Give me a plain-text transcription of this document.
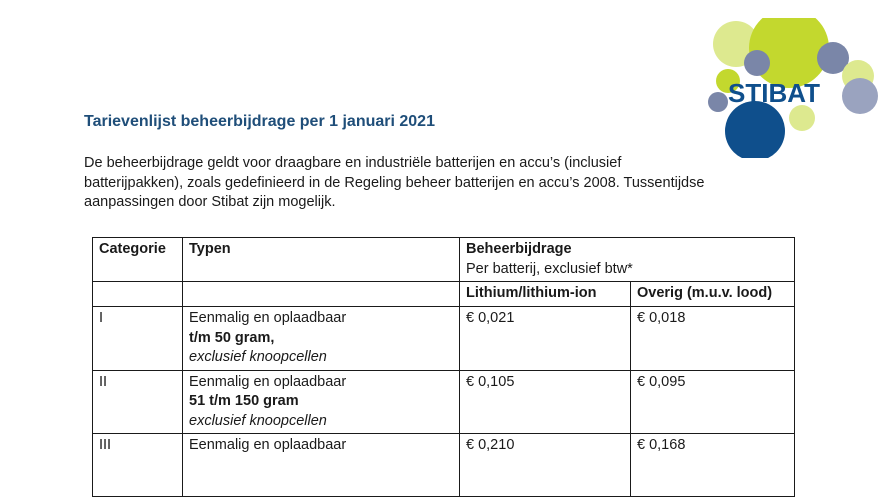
STIBAT
Tarievenlijst beheerbijdrage per 1 januari 2021
De beheerbijdrage geldt voor draagbare en industriële batterijen en accu’s (inclusief
batterijpakken), zoals gedefinieerd in de Regeling beheer batterijen en accu’s 2008. Tussentijdse
aanpassingen door Stibat zijn mogelijk.
Categorie	Typen	Beheerbijdrage
Per batterij, exclusief btw*	

		Lithium/lithium-ion	Overig (m.u.v. lood)
I	Eenmalig en oplaadbaar
t/m 50 gram,
exclusief knoopcellen	€ 0,021	€ 0,018
II	Eenmalig en oplaadbaar
51 t/m 150 gram
exclusief knoopcellen	€ 0,105	€ 0,095
III	Eenmalig en oplaadbaar	€ 0,210	€ 0,168
